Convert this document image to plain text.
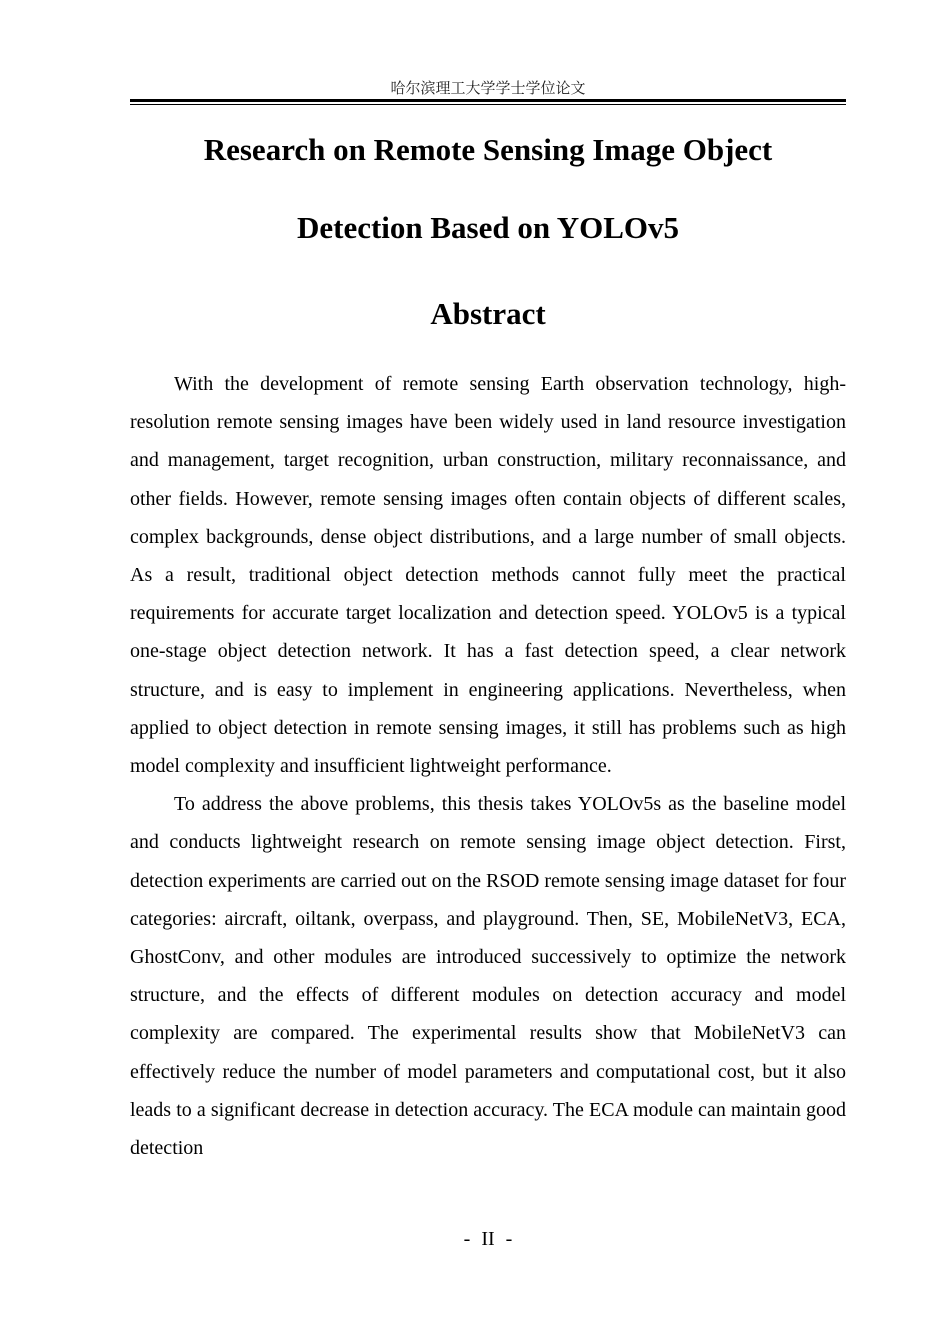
哈尔滨理工大学学士学位论文
Research on Remote Sensing Image Object
Detection Based on YOLOv5
Abstract

With the development of remote sensing Earth observation technology, high-resolution remote sensing images have been widely used in land resource investigation and management, target recognition, urban construction, military reconnaissance, and other fields. However, remote sensing images often contain objects of different scales, complex backgrounds, dense object distributions, and a large number of small objects. As a result, traditional object detection methods cannot fully meet the practical requirements for accurate target localization and detection speed. YOLOv5 is a typical one-stage object detection network. It has a fast detection speed, a clear network structure, and is easy to implement in engineering applications. Nevertheless, when applied to object detection in remote sensing images, it still has problems such as high model complexity and insufficient lightweight performance.

To address the above problems, this thesis takes YOLOv5s as the baseline model and conducts lightweight research on remote sensing image object detection. First, detection experiments are carried out on the RSOD remote sensing image dataset for four categories: aircraft, oiltank, overpass, and playground. Then, SE, MobileNetV3, ECA, GhostConv, and other modules are introduced successively to optimize the network structure, and the effects of different modules on detection accuracy and model complexity are compared. The experimental results show that MobileNetV3 can effectively reduce the number of model parameters and computational cost, but it also leads to a significant decrease in detection accuracy. The ECA module can maintain good detection

- II -
